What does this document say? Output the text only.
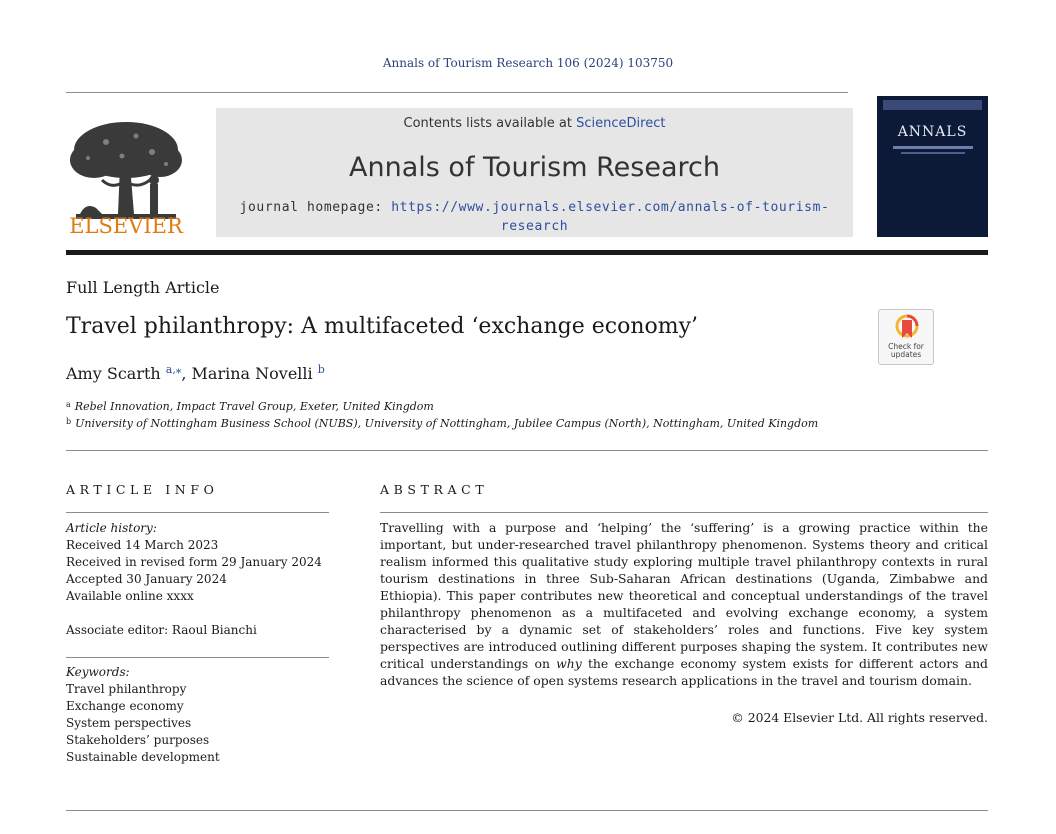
Annals of Tourism Research 106 (2024) 103750
ELSEVIER
Contents lists available at ScienceDirect
Annals of Tourism Research
journal homepage: https://www.journals.elsevier.com/annals-of-tourism-research
ANNALS
Full Length Article
Travel philanthropy: A multifaceted ‘exchange economy’
Amy Scarth $^{a,⁎}$, Marina Novelli $^b$
Check for updates
$^a$ Rebel Innovation, Impact Travel Group, Exeter, United Kingdom
$^b$ University of Nottingham Business School (NUBS), University of Nottingham, Jubilee Campus (North), Nottingham, United Kingdom
ARTICLE INFO	ABSTRACT
Article history:
Received 14 March 2023
Received in revised form 29 January 2024
Accepted 30 January 2024
Available online xxxx
Associate editor: Raoul Bianchi
Keywords:
Travel philanthropy
Exchange economy
System perspectives
Stakeholders’ purposes
Sustainable development
Travelling with a purpose and ‘helping’ the ‘suffering’ is a growing practice within the important, but under-researched travel philanthropy phenomenon. Systems theory and critical realism informed this qualitative study exploring multiple travel philanthropy contexts in rural tourism destinations in three Sub-Saharan African destinations (Uganda, Zimbabwe and Ethiopia). This paper contributes new theoretical and conceptual understandings of the travel philanthropy phenomenon as a multifaceted and evolving exchange economy, a system characterised by a dynamic set of stakeholders’ roles and functions. Five key system perspectives are introduced outlining different purposes shaping the system. It contributes new critical understandings on why the exchange economy system exists for different actors and advances the science of open systems research applications in the travel and tourism domain.
© 2024 Elsevier Ltd. All rights reserved.
